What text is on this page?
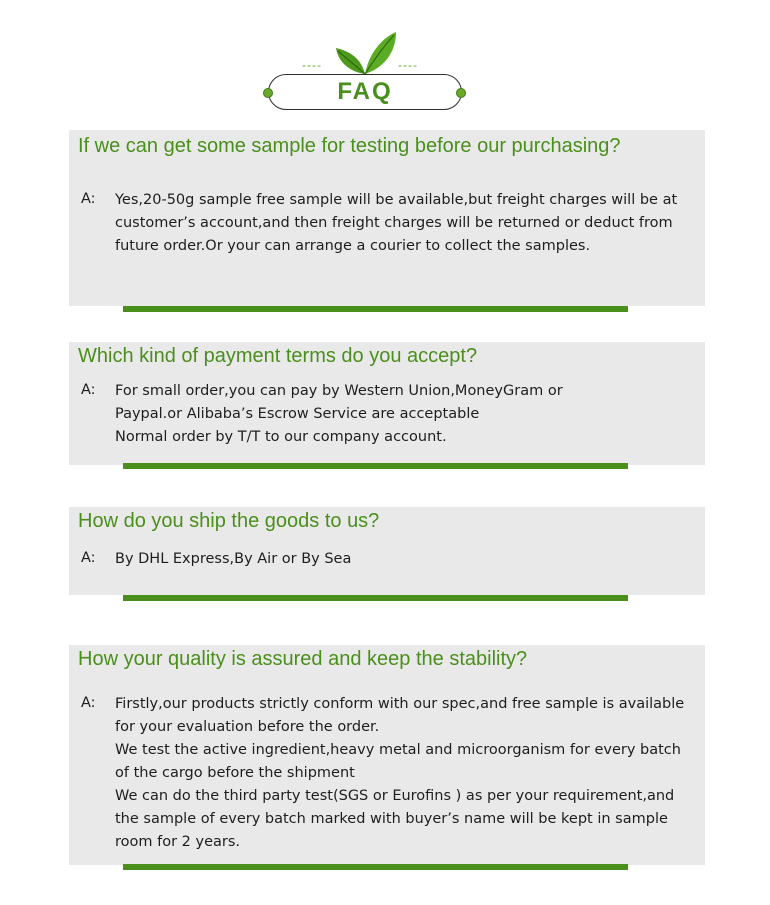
----	----
FAQ
If we can get some sample for testing before our purchasing?
A: Yes,20-50g sample free sample will be available,but freight charges will be at
customer’s account,and then freight charges will be returned or deduct from
future order.Or your can arrange a courier to collect the samples.
Which kind of payment terms do you accept?
A: For small order,you can pay by Western Union,MoneyGram or
Paypal.or Alibaba’s Escrow Service are acceptable
Normal order by T/T to our company account.
How do you ship the goods to us?
A: By DHL Express,By Air or By Sea
How your quality is assured and keep the stability?
A: Firstly,our products strictly conform with our spec,and free sample is available
for your evaluation before the order.
We test the active ingredient,heavy metal and microorganism for every batch
of the cargo before the shipment
We can do the third party test(SGS or Eurofins ) as per your requirement,and
the sample of every batch marked with buyer’s name will be kept in sample
room for 2 years.
